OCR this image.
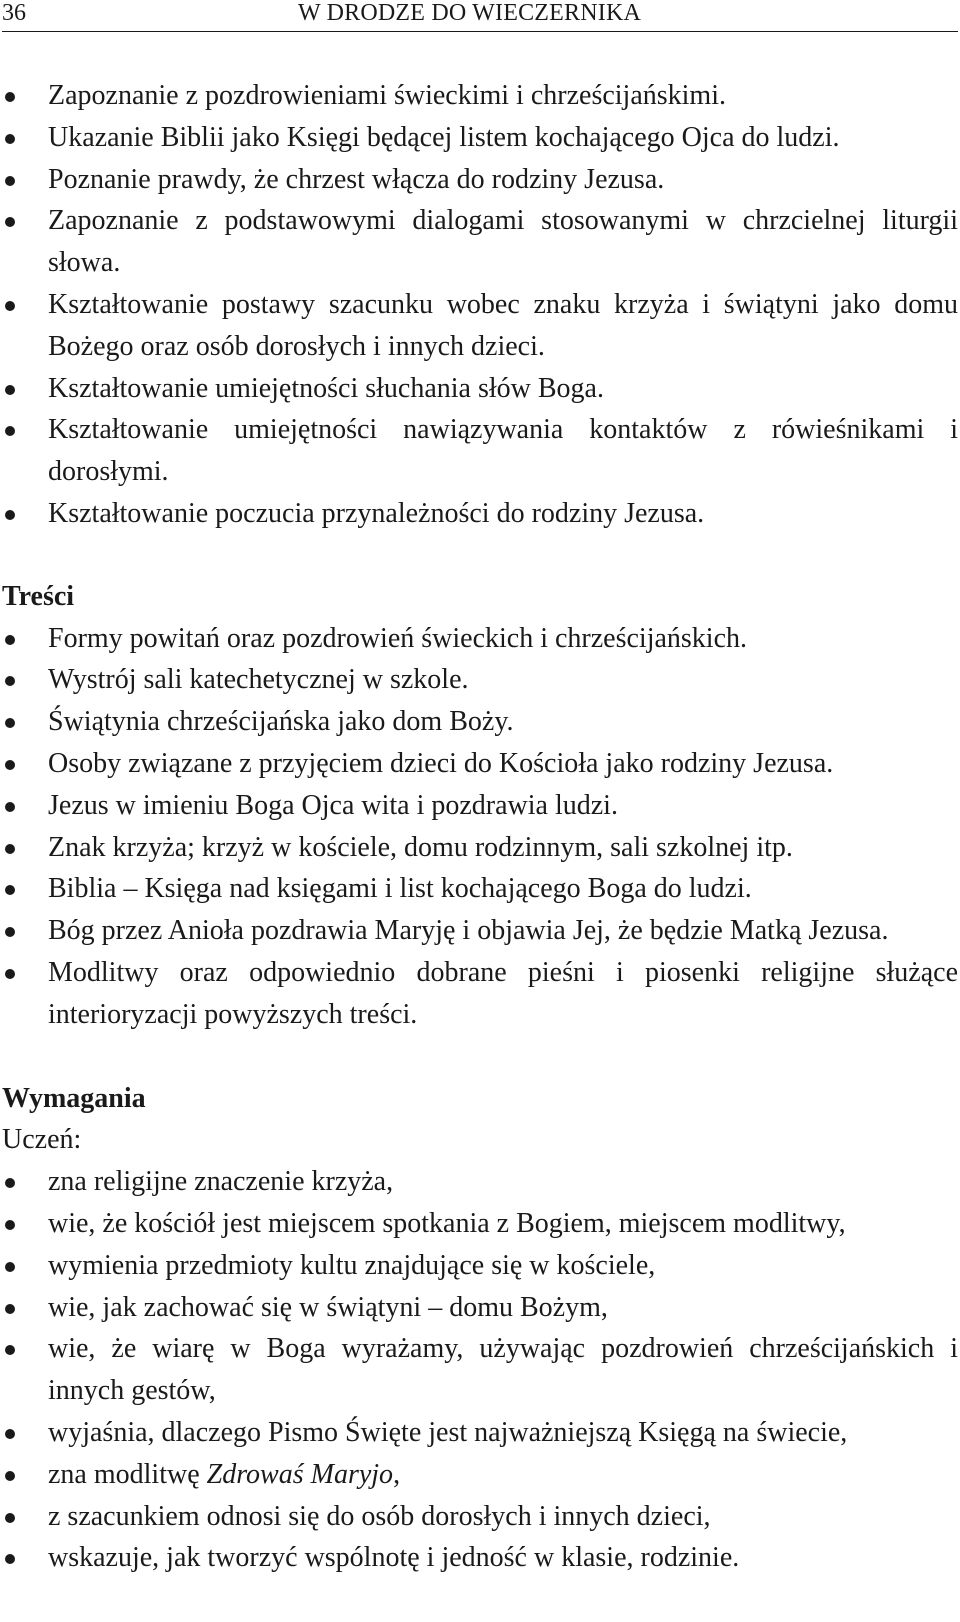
36	W DRODZE DO WIECZERNIKA
Zapoznanie z pozdrowieniami świeckimi i chrześcijańskimi.
Ukazanie Biblii jako Księgi będącej listem kochającego Ojca do ludzi.
Poznanie prawdy, że chrzest włącza do rodziny Jezusa.
Zapoznanie z podstawowymi dialogami stosowanymi w chrzcielnej liturgii słowa.
Kształtowanie postawy szacunku wobec znaku krzyża i świątyni jako domu Bożego oraz osób dorosłych i innych dzieci.
Kształtowanie umiejętności słuchania słów Boga.
Kształtowanie umiejętności nawiązywania kontaktów z rówieśnikami i dorosłymi.
Kształtowanie poczucia przynależności do rodziny Jezusa.

Treści

Formy powitań oraz pozdrowień świeckich i chrześcijańskich.
Wystrój sali katechetycznej w szkole.
Świątynia chrześcijańska jako dom Boży.
Osoby związane z przyjęciem dzieci do Kościoła jako rodziny Jezusa.
Jezus w imieniu Boga Ojca wita i pozdrawia ludzi.
Znak krzyża; krzyż w kościele, domu rodzinnym, sali szkolnej itp.
Biblia – Księga nad księgami i list kochającego Boga do ludzi.
Bóg przez Anioła pozdrawia Maryję i objawia Jej, że będzie Matką Jezusa.
Modlitwy oraz odpowiednio dobrane pieśni i piosenki religijne służące interioryzacji powyższych treści.

Wymagania

Uczeń:

zna religijne znaczenie krzyża,
wie, że kościół jest miejscem spotkania z Bogiem, miejscem modlitwy,
wymienia przedmioty kultu znajdujące się w kościele,
wie, jak zachować się w świątyni – domu Bożym,
wie, że wiarę w Boga wyrażamy, używając pozdrowień chrześcijańskich i innych gestów,
wyjaśnia, dlaczego Pismo Święte jest najważniejszą Księgą na świecie,
zna modlitwę Zdrowaś Maryjo,
z szacunkiem odnosi się do osób dorosłych i innych dzieci,
wskazuje, jak tworzyć wspólnotę i jedność w klasie, rodzinie.
